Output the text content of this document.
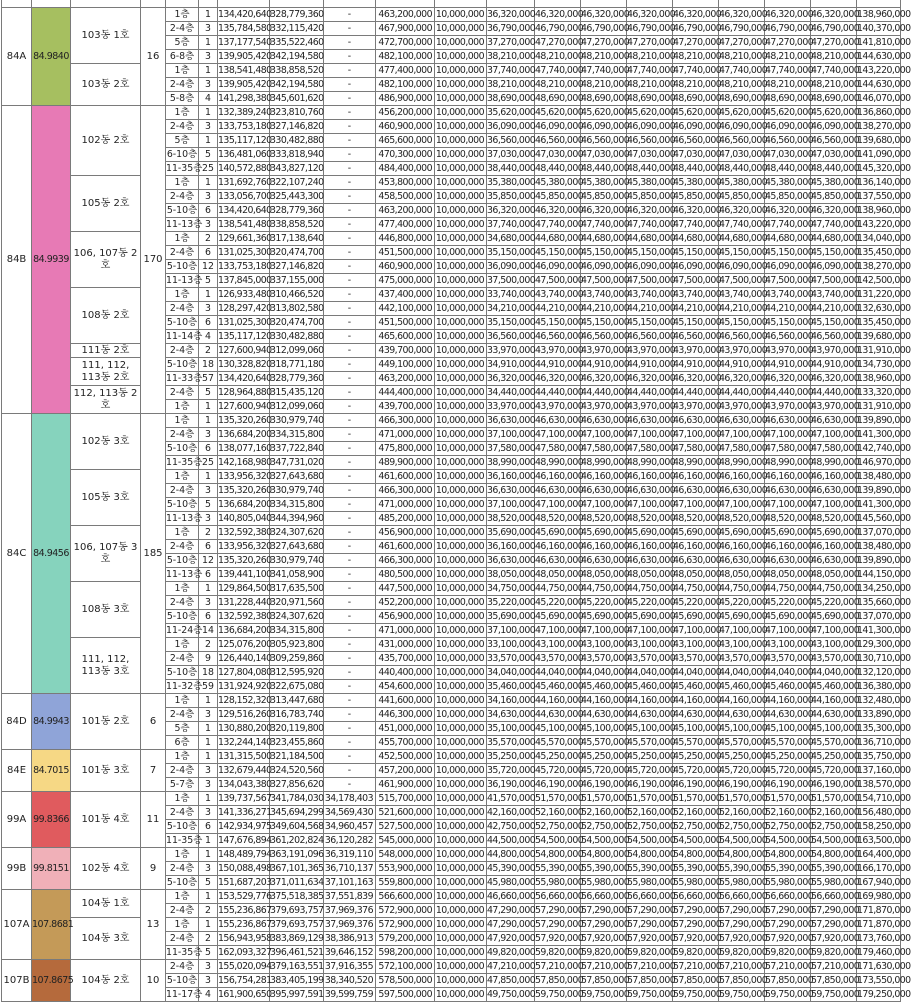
84A	84.9840	103동 1호	16	1층	1	134,420,640	328,779,360	-	463,200,000	10,000,000	36,320,000	46,320,000	46,320,000	46,320,000	46,320,000	46,320,000	46,320,000	46,320,000	138,960,000
				2-4층	3	135,784,580	332,115,420	-	467,900,000	10,000,000	36,790,000	46,790,000	46,790,000	46,790,000	46,790,000	46,790,000	46,790,000	46,790,000	140,370,000
				5층	1	137,177,540	335,522,460	-	472,700,000	10,000,000	37,270,000	47,270,000	47,270,000	47,270,000	47,270,000	47,270,000	47,270,000	47,270,000	141,810,000
				6-8층	3	139,905,420	342,194,580	-	482,100,000	10,000,000	38,210,000	48,210,000	48,210,000	48,210,000	48,210,000	48,210,000	48,210,000	48,210,000	144,630,000
		103동 2호		1층	1	138,541,480	338,858,520	-	477,400,000	10,000,000	37,740,000	47,740,000	47,740,000	47,740,000	47,740,000	47,740,000	47,740,000	47,740,000	143,220,000
				2-4층	3	139,905,420	342,194,580	-	482,100,000	10,000,000	38,210,000	48,210,000	48,210,000	48,210,000	48,210,000	48,210,000	48,210,000	48,210,000	144,630,000
				5-8층	4	141,298,380	345,601,620	-	486,900,000	10,000,000	38,690,000	48,690,000	48,690,000	48,690,000	48,690,000	48,690,000	48,690,000	48,690,000	146,070,000
84B	84.9939	102동 2호	170	1층	1	132,389,240	323,810,760	-	456,200,000	10,000,000	35,620,000	45,620,000	45,620,000	45,620,000	45,620,000	45,620,000	45,620,000	45,620,000	136,860,000
				2-4층	3	133,753,180	327,146,820	-	460,900,000	10,000,000	36,090,000	46,090,000	46,090,000	46,090,000	46,090,000	46,090,000	46,090,000	46,090,000	138,270,000
				5층	1	135,117,120	330,482,880	-	465,600,000	10,000,000	36,560,000	46,560,000	46,560,000	46,560,000	46,560,000	46,560,000	46,560,000	46,560,000	139,680,000
				6-10층	5	136,481,060	333,818,940	-	470,300,000	10,000,000	37,030,000	47,030,000	47,030,000	47,030,000	47,030,000	47,030,000	47,030,000	47,030,000	141,090,000
				11-35층	25	140,572,880	343,827,120	-	484,400,000	10,000,000	38,440,000	48,440,000	48,440,000	48,440,000	48,440,000	48,440,000	48,440,000	48,440,000	145,320,000
		105동 2호		1층	1	131,692,760	322,107,240	-	453,800,000	10,000,000	35,380,000	45,380,000	45,380,000	45,380,000	45,380,000	45,380,000	45,380,000	45,380,000	136,140,000
				2-4층	3	133,056,700	325,443,300	-	458,500,000	10,000,000	35,850,000	45,850,000	45,850,000	45,850,000	45,850,000	45,850,000	45,850,000	45,850,000	137,550,000
				5-10층	6	134,420,640	328,779,360	-	463,200,000	10,000,000	36,320,000	46,320,000	46,320,000	46,320,000	46,320,000	46,320,000	46,320,000	46,320,000	138,960,000
				11-13층	3	138,541,480	338,858,520	-	477,400,000	10,000,000	37,740,000	47,740,000	47,740,000	47,740,000	47,740,000	47,740,000	47,740,000	47,740,000	143,220,000
		106, 107동 2호		1층	2	129,661,360	317,138,640	-	446,800,000	10,000,000	34,680,000	44,680,000	44,680,000	44,680,000	44,680,000	44,680,000	44,680,000	44,680,000	134,040,000
				2-4층	6	131,025,300	320,474,700	-	451,500,000	10,000,000	35,150,000	45,150,000	45,150,000	45,150,000	45,150,000	45,150,000	45,150,000	45,150,000	135,450,000
				5-10층	12	133,753,180	327,146,820	-	460,900,000	10,000,000	36,090,000	46,090,000	46,090,000	46,090,000	46,090,000	46,090,000	46,090,000	46,090,000	138,270,000
				11-13층	5	137,845,000	337,155,000	-	475,000,000	10,000,000	37,500,000	47,500,000	47,500,000	47,500,000	47,500,000	47,500,000	47,500,000	47,500,000	142,500,000
		108동 2호		1층	1	126,933,480	310,466,520	-	437,400,000	10,000,000	33,740,000	43,740,000	43,740,000	43,740,000	43,740,000	43,740,000	43,740,000	43,740,000	131,220,000
				2-4층	3	128,297,420	313,802,580	-	442,100,000	10,000,000	34,210,000	44,210,000	44,210,000	44,210,000	44,210,000	44,210,000	44,210,000	44,210,000	132,630,000
				5-10층	6	131,025,300	320,474,700	-	451,500,000	10,000,000	35,150,000	45,150,000	45,150,000	45,150,000	45,150,000	45,150,000	45,150,000	45,150,000	135,450,000
				11-14층	4	135,117,120	330,482,880	-	465,600,000	10,000,000	36,560,000	46,560,000	46,560,000	46,560,000	46,560,000	46,560,000	46,560,000	46,560,000	139,680,000
		111동 2호		2-4층	2	127,600,940	312,099,060	-	439,700,000	10,000,000	33,970,000	43,970,000	43,970,000	43,970,000	43,970,000	43,970,000	43,970,000	43,970,000	131,910,000
		111, 112, 113동 2호		5-10층	18	130,328,820	318,771,180	-	449,100,000	10,000,000	34,910,000	44,910,000	44,910,000	44,910,000	44,910,000	44,910,000	44,910,000	44,910,000	134,730,000
				11-33층	57	134,420,640	328,779,360	-	463,200,000	10,000,000	36,320,000	46,320,000	46,320,000	46,320,000	46,320,000	46,320,000	46,320,000	46,320,000	138,960,000
		112, 113동 2호		2-4층	5	128,964,880	315,435,120	-	444,400,000	10,000,000	34,440,000	44,440,000	44,440,000	44,440,000	44,440,000	44,440,000	44,440,000	44,440,000	133,320,000
				1층	1	127,600,940	312,099,060	-	439,700,000	10,000,000	33,970,000	43,970,000	43,970,000	43,970,000	43,970,000	43,970,000	43,970,000	43,970,000	131,910,000
84C	84.9456	102동 3호	185	1층	1	135,320,260	330,979,740	-	466,300,000	10,000,000	36,630,000	46,630,000	46,630,000	46,630,000	46,630,000	46,630,000	46,630,000	46,630,000	139,890,000
				2-4층	3	136,684,200	334,315,800	-	471,000,000	10,000,000	37,100,000	47,100,000	47,100,000	47,100,000	47,100,000	47,100,000	47,100,000	47,100,000	141,300,000
				5-10층	6	138,077,160	337,722,840	-	475,800,000	10,000,000	37,580,000	47,580,000	47,580,000	47,580,000	47,580,000	47,580,000	47,580,000	47,580,000	142,740,000
				11-35층	25	142,168,980	347,731,020	-	489,900,000	10,000,000	38,990,000	48,990,000	48,990,000	48,990,000	48,990,000	48,990,000	48,990,000	48,990,000	146,970,000
		105동 3호		1층	1	133,956,320	327,643,680	-	461,600,000	10,000,000	36,160,000	46,160,000	46,160,000	46,160,000	46,160,000	46,160,000	46,160,000	46,160,000	138,480,000
				2-4층	3	135,320,260	330,979,740	-	466,300,000	10,000,000	36,630,000	46,630,000	46,630,000	46,630,000	46,630,000	46,630,000	46,630,000	46,630,000	139,890,000
				5-10층	5	136,684,200	334,315,800	-	471,000,000	10,000,000	37,100,000	47,100,000	47,100,000	47,100,000	47,100,000	47,100,000	47,100,000	47,100,000	141,300,000
				11-13층	3	140,805,040	344,394,960	-	485,200,000	10,000,000	38,520,000	48,520,000	48,520,000	48,520,000	48,520,000	48,520,000	48,520,000	48,520,000	145,560,000
		106, 107동 3호		1층	2	132,592,380	324,307,620	-	456,900,000	10,000,000	35,690,000	45,690,000	45,690,000	45,690,000	45,690,000	45,690,000	45,690,000	45,690,000	137,070,000
				2-4층	6	133,956,320	327,643,680	-	461,600,000	10,000,000	36,160,000	46,160,000	46,160,000	46,160,000	46,160,000	46,160,000	46,160,000	46,160,000	138,480,000
				5-10층	12	135,320,260	330,979,740	-	466,300,000	10,000,000	36,630,000	46,630,000	46,630,000	46,630,000	46,630,000	46,630,000	46,630,000	46,630,000	139,890,000
				11-13층	6	139,441,100	341,058,900	-	480,500,000	10,000,000	38,050,000	48,050,000	48,050,000	48,050,000	48,050,000	48,050,000	48,050,000	48,050,000	144,150,000
		108동 3호		1층	1	129,864,500	317,635,500	-	447,500,000	10,000,000	34,750,000	44,750,000	44,750,000	44,750,000	44,750,000	44,750,000	44,750,000	44,750,000	134,250,000
				2-4층	3	131,228,440	320,971,560	-	452,200,000	10,000,000	35,220,000	45,220,000	45,220,000	45,220,000	45,220,000	45,220,000	45,220,000	45,220,000	135,660,000
				5-10층	6	132,592,380	324,307,620	-	456,900,000	10,000,000	35,690,000	45,690,000	45,690,000	45,690,000	45,690,000	45,690,000	45,690,000	45,690,000	137,070,000
				11-24층	14	136,684,200	334,315,800	-	471,000,000	10,000,000	37,100,000	47,100,000	47,100,000	47,100,000	47,100,000	47,100,000	47,100,000	47,100,000	141,300,000
		111, 112, 113동 3호		1층	2	125,076,200	305,923,800	-	431,000,000	10,000,000	33,100,000	43,100,000	43,100,000	43,100,000	43,100,000	43,100,000	43,100,000	43,100,000	129,300,000
				2-4층	9	126,440,140	309,259,860	-	435,700,000	10,000,000	33,570,000	43,570,000	43,570,000	43,570,000	43,570,000	43,570,000	43,570,000	43,570,000	130,710,000
				5-10층	18	127,804,080	312,595,920	-	440,400,000	10,000,000	34,040,000	44,040,000	44,040,000	44,040,000	44,040,000	44,040,000	44,040,000	44,040,000	132,120,000
				11-32층	59	131,924,920	322,675,080	-	454,600,000	10,000,000	35,460,000	45,460,000	45,460,000	45,460,000	45,460,000	45,460,000	45,460,000	45,460,000	136,380,000
84D	84.9943	101동 2호	6	1층	1	128,152,320	313,447,680	-	441,600,000	10,000,000	34,160,000	44,160,000	44,160,000	44,160,000	44,160,000	44,160,000	44,160,000	44,160,000	132,480,000
				2-4층	3	129,516,260	316,783,740	-	446,300,000	10,000,000	34,630,000	44,630,000	44,630,000	44,630,000	44,630,000	44,630,000	44,630,000	44,630,000	133,890,000
				5층	1	130,880,200	320,119,800	-	451,000,000	10,000,000	35,100,000	45,100,000	45,100,000	45,100,000	45,100,000	45,100,000	45,100,000	45,100,000	135,300,000
				6층	1	132,244,140	323,455,860	-	455,700,000	10,000,000	35,570,000	45,570,000	45,570,000	45,570,000	45,570,000	45,570,000	45,570,000	45,570,000	136,710,000
84E	84.7015	101동 3호	7	1층	1	131,315,500	321,184,500	-	452,500,000	10,000,000	35,250,000	45,250,000	45,250,000	45,250,000	45,250,000	45,250,000	45,250,000	45,250,000	135,750,000
				2-4층	3	132,679,440	324,520,560	-	457,200,000	10,000,000	35,720,000	45,720,000	45,720,000	45,720,000	45,720,000	45,720,000	45,720,000	45,720,000	137,160,000
				5-7층	3	134,043,380	327,856,620	-	461,900,000	10,000,000	36,190,000	46,190,000	46,190,000	46,190,000	46,190,000	46,190,000	46,190,000	46,190,000	138,570,000
99A	99.8366	101동 4호	11	1층	1	139,737,567	341,784,030	34,178,403	515,700,000	10,000,000	41,570,000	51,570,000	51,570,000	51,570,000	51,570,000	51,570,000	51,570,000	51,570,000	154,710,000
				2-4층	3	141,336,271	345,694,299	34,569,430	521,600,000	10,000,000	42,160,000	52,160,000	52,160,000	52,160,000	52,160,000	52,160,000	52,160,000	52,160,000	156,480,000
				5-10층	6	142,934,975	349,604,568	34,960,457	527,500,000	10,000,000	42,750,000	52,750,000	52,750,000	52,750,000	52,750,000	52,750,000	52,750,000	52,750,000	158,250,000
				11-35층	1	147,676,894	361,202,824	36,120,282	545,000,000	10,000,000	44,500,000	54,500,000	54,500,000	54,500,000	54,500,000	54,500,000	54,500,000	54,500,000	163,500,000
99B	99.8151	102동 4호	9	1층	1	148,489,794	363,191,096	36,319,110	548,000,000	10,000,000	44,800,000	54,800,000	54,800,000	54,800,000	54,800,000	54,800,000	54,800,000	54,800,000	164,400,000
				2-4층	3	150,088,498	367,101,365	36,710,137	553,900,000	10,000,000	45,390,000	55,390,000	55,390,000	55,390,000	55,390,000	55,390,000	55,390,000	55,390,000	166,170,000
				5-10층	5	151,687,203	371,011,634	37,101,163	559,800,000	10,000,000	45,980,000	55,980,000	55,980,000	55,980,000	55,980,000	55,980,000	55,980,000	55,980,000	167,940,000
107A	107.8681	104동 1호	13	1층	1	153,529,776	375,518,385	37,551,839	566,600,000	10,000,000	46,660,000	56,660,000	56,660,000	56,660,000	56,660,000	56,660,000	56,660,000	56,660,000	169,980,000
				2-4층	2	155,236,867	379,693,757	37,969,376	572,900,000	10,000,000	47,290,000	57,290,000	57,290,000	57,290,000	57,290,000	57,290,000	57,290,000	57,290,000	171,870,000
		104동 3호		1층	1	155,236,867	379,693,757	37,969,376	572,900,000	10,000,000	47,290,000	57,290,000	57,290,000	57,290,000	57,290,000	57,290,000	57,290,000	57,290,000	171,870,000
				2-4층	2	156,943,958	383,869,129	38,386,913	579,200,000	10,000,000	47,920,000	57,920,000	57,920,000	57,920,000	57,920,000	57,920,000	57,920,000	57,920,000	173,760,000
				11-35층	5	162,093,327	396,461,521	39,646,152	598,200,000	10,000,000	49,820,000	59,820,000	59,820,000	59,820,000	59,820,000	59,820,000	59,820,000	59,820,000	179,460,000
107B	107.8675	104동 2호	10	2-4층	3	155,020,094	379,163,551	37,916,355	572,100,000	10,000,000	47,210,000	57,210,000	57,210,000	57,210,000	57,210,000	57,210,000	57,210,000	57,210,000	171,630,000
				5-10층	3	156,754,281	383,405,199	38,340,520	578,500,000	10,000,000	47,850,000	57,850,000	57,850,000	57,850,000	57,850,000	57,850,000	57,850,000	57,850,000	173,550,000
				11-17층	4	161,900,650	395,997,591	39,599,759	597,500,000	10,000,000	49,750,000	59,750,000	59,750,000	59,750,000	59,750,000	59,750,000	59,750,000	59,750,000	179,250,000
